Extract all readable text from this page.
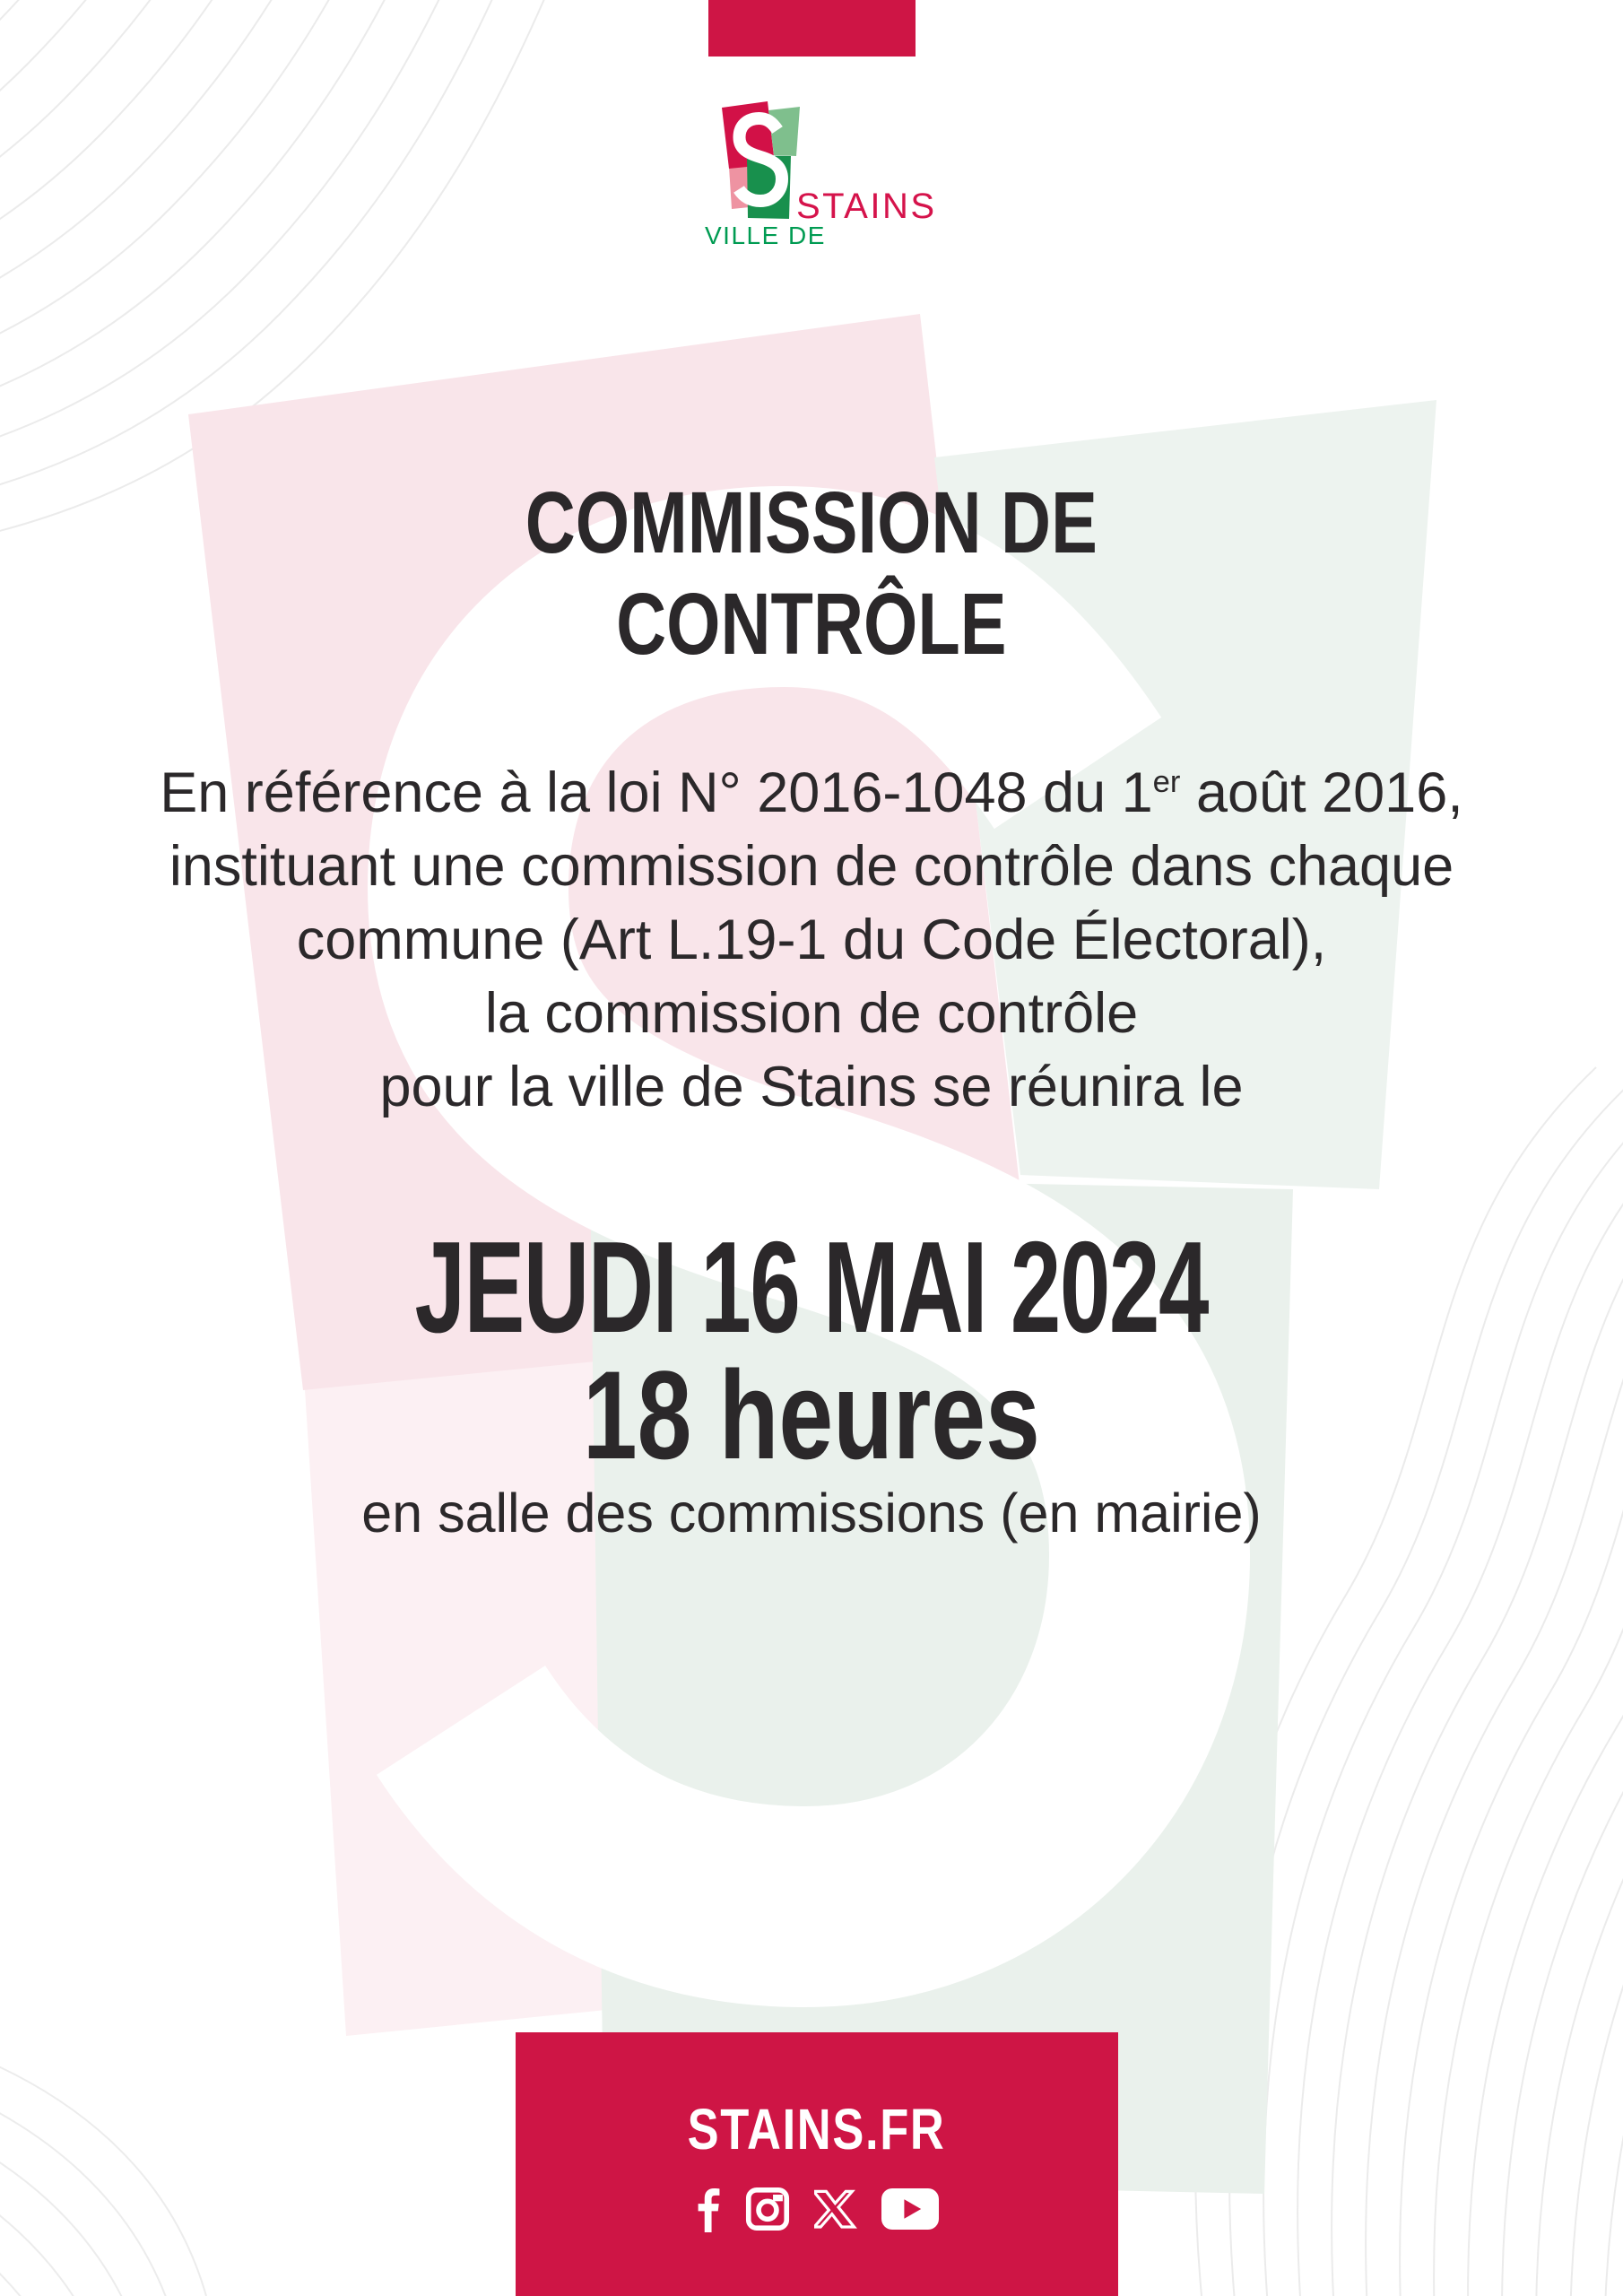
STAINS
VILLE DE
COMMISSION DE
CONTRÔLE
En référence à la loi N° 2016-1048 du 1er août 2016,
instituant une commission de contrôle dans chaque
commune (Art L.19-1 du Code Électoral),
la commission de contrôle
pour la ville de Stains se réunira le
JEUDI 16 MAI 2024
18 heures
en salle des commissions (en mairie)
STAINS.FR
